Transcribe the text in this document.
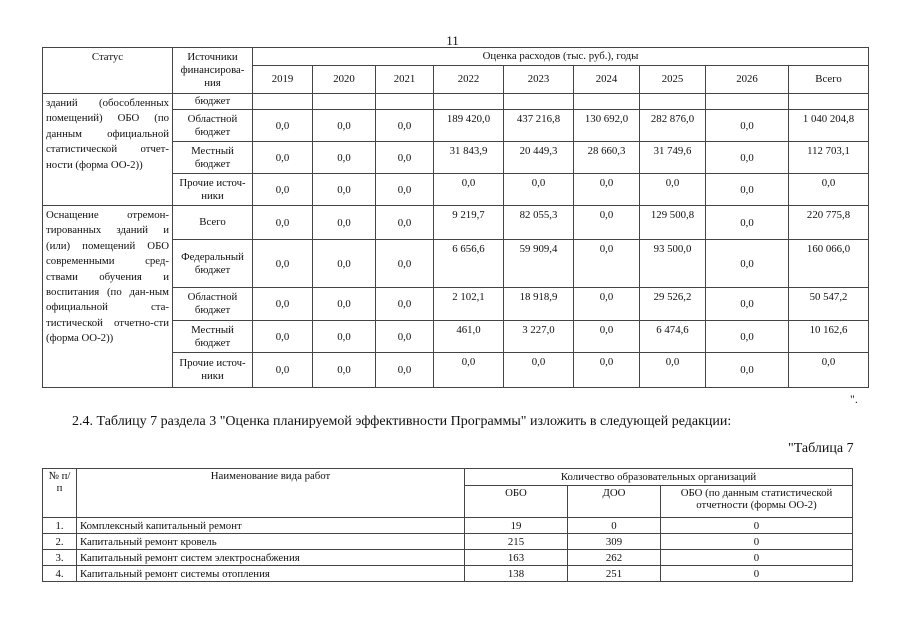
11
Статус	Источники финансирова-ния	Оценка расходов (тыс. руб.), годы								
		2019	2020	2021	2022	2023	2024	2025	2026	Всего
зданий (обособленных помещений) ОБО (по данным официальной статистической отчет-ности (форма ОО-2))	бюджет									
	Областной бюджет	0,0	0,0	0,0	189 420,0	437 216,8	130 692,0	282 876,0	0,0	1 040 204,8
	Местный бюджет	0,0	0,0	0,0	31 843,9	20 449,3	28 660,3	31 749,6	0,0	112 703,1
	Прочие источ-ники	0,0	0,0	0,0	0,0	0,0	0,0	0,0	0,0	0,0
Оснащение отремон-тированных зданий и (или) помещений ОБО современными сред-ствами обучения и воспитания (по дан-ным официальной ста-тистической отчетно-сти (форма ОО-2))	Всего	0,0	0,0	0,0	9 219,7	82 055,3	0,0	129 500,8	0,0	220 775,8
	Федеральный бюджет	0,0	0,0	0,0	6 656,6	59 909,4	0,0	93 500,0	0,0	160 066,0
	Областной бюджет	0,0	0,0	0,0	2 102,1	18 918,9	0,0	29 526,2	0,0	50 547,2
	Местный бюджет	0,0	0,0	0,0	461,0	3 227,0	0,0	6 474,6	0,0	10 162,6
	Прочие источ-ники	0,0	0,0	0,0	0,0	0,0	0,0	0,0	0,0	0,0
".
2.4. Таблицу 7 раздела 3 "Оценка планируемой эффективности Программы" изложить в следующей редакции:
"Таблица 7
№ п/п	Наименование вида работ	Количество образовательных организаций		
		ОБО	ДОО	ОБО (по данным статистической отчетности (формы ОО-2)
1.	Комплексный капитальный ремонт	19	0	0
2.	Капитальный ремонт кровель	215	309	0
3.	Капитальный ремонт систем электроснабжения	163	262	0
4.	Капитальный ремонт системы отопления	138	251	0
